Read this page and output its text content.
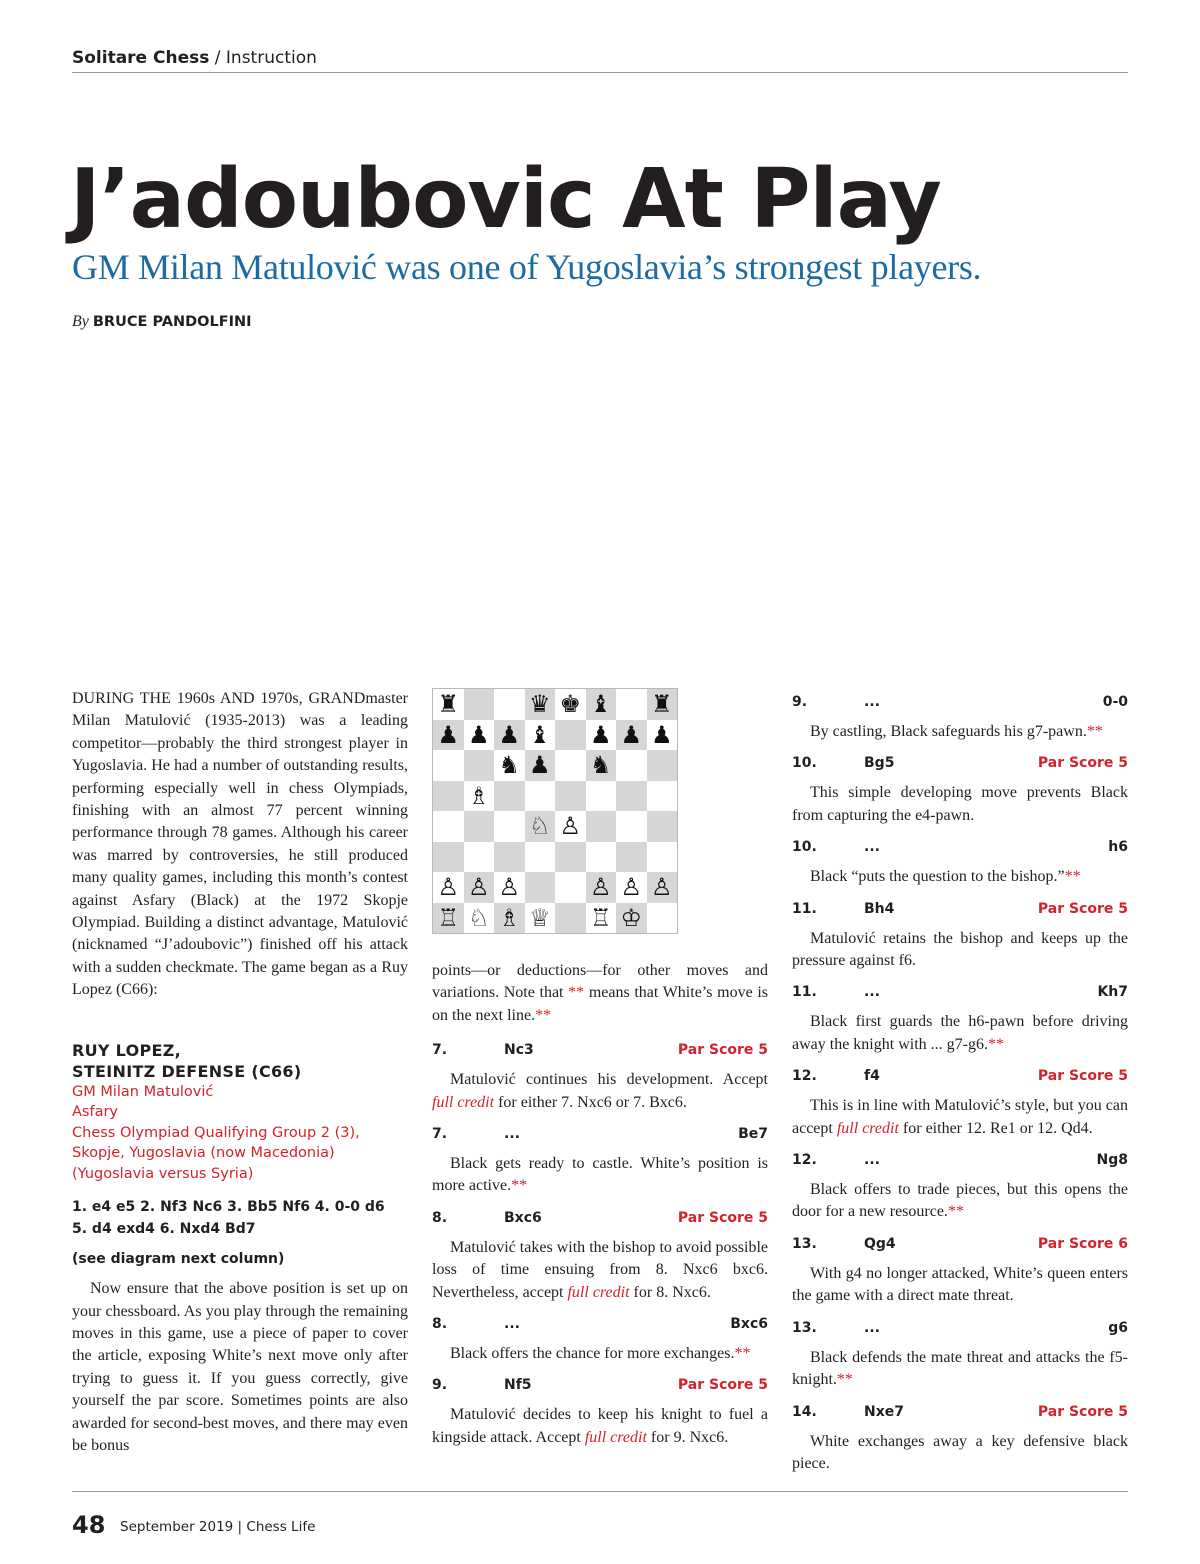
Solitare Chess / Instruction
J’adoubovic At Play
GM Milan Matulović was one of Yugoslavia’s strongest players.
By BRUCE PANDOLFINI

DURING THE 1960s AND 1970s, GRANDmaster Milan Matulović (1935-2013) was a leading competitor—probably the third strongest player in Yugoslavia. He had a number of outstanding results, performing especially well in chess Olympiads, finishing with an almost 77 percent winning performance through 78 games. Although his career was marred by controversies, he still produced many quality games, including this month’s contest against Asfary (Black) at the 1972 Skopje Olympiad. Building a distinct advantage, Matulović (nicknamed “J’adoubovic”) finished off his attack with a sudden checkmate. The game began as a Ruy Lopez (C66):

RUY LOPEZ,
STEINITZ DEFENSE (C66)
GM Milan Matulović
Asfary
Chess Olympiad Qualifying Group 2 (3),
Skopje, Yugoslavia (now Macedonia)
(Yugoslavia versus Syria)
1. e4 e5 2. Nf3 Nc6 3. Bb5 Nf6 4. 0-0 d6
5. d4 exd4 6. Nxd4 Bd7
(see diagram next column)

Now ensure that the above position is set up on your chessboard. As you play through the remaining moves in this game, use a piece of paper to cover the article, exposing White’s next move only after trying to guess it. If you guess correctly, give yourself the par score. Sometimes points are also awarded for second-best moves, and there may even be bonus

♜	♛ ♚ ♝ ♜
♟ ♟ ♟ ♝ ♟ ♟ ♟
♞ ♟ ♞
♗
♘ ♙
♙ ♙ ♙	♙ ♙ ♙
♖ ♘ ♗ ♕ ♖ ♔

points—or deductions—for other moves and variations. Note that ** means that White’s move is on the next line.**

7.	Nc3	Par Score 5

Matulović continues his development. Accept full credit for either 7. Nxc6 or 7. Bxc6.

7.	...	Be7

Black gets ready to castle. White’s position is more active.**

8.	Bxc6	Par Score 5

Matulović takes with the bishop to avoid possible loss of time ensuing from 8. Nxc6 bxc6. Nevertheless, accept full credit for 8. Nxc6.

8.	...	Bxc6

Black offers the chance for more exchanges.**

9.	Nf5	Par Score 5

Matulović decides to keep his knight to fuel a kingside attack. Accept full credit for 9. Nxc6.

9.	...	0-0

By castling, Black safeguards his g7-pawn.**

10.	Bg5	Par Score 5

This simple developing move prevents Black from capturing the e4-pawn.

10.	...	h6

Black “puts the question to the bishop.”**

11.	Bh4	Par Score 5

Matulović retains the bishop and keeps up the pressure against f6.

11.	...	Kh7

Black first guards the h6-pawn before driving away the knight with ... g7-g6.**

12.	f4	Par Score 5

This is in line with Matulović’s style, but you can accept full credit for either 12. Re1 or 12. Qd4.

12.	...	Ng8

Black offers to trade pieces, but this opens the door for a new resource.**

13.	Qg4	Par Score 6

With g4 no longer attacked, White’s queen enters the game with a direct mate threat.

13.	...	g6

Black defends the mate threat and attacks the f5-knight.**

14.	Nxe7	Par Score 5

White exchanges away a key defensive black piece.

48 September 2019 | Chess Life
